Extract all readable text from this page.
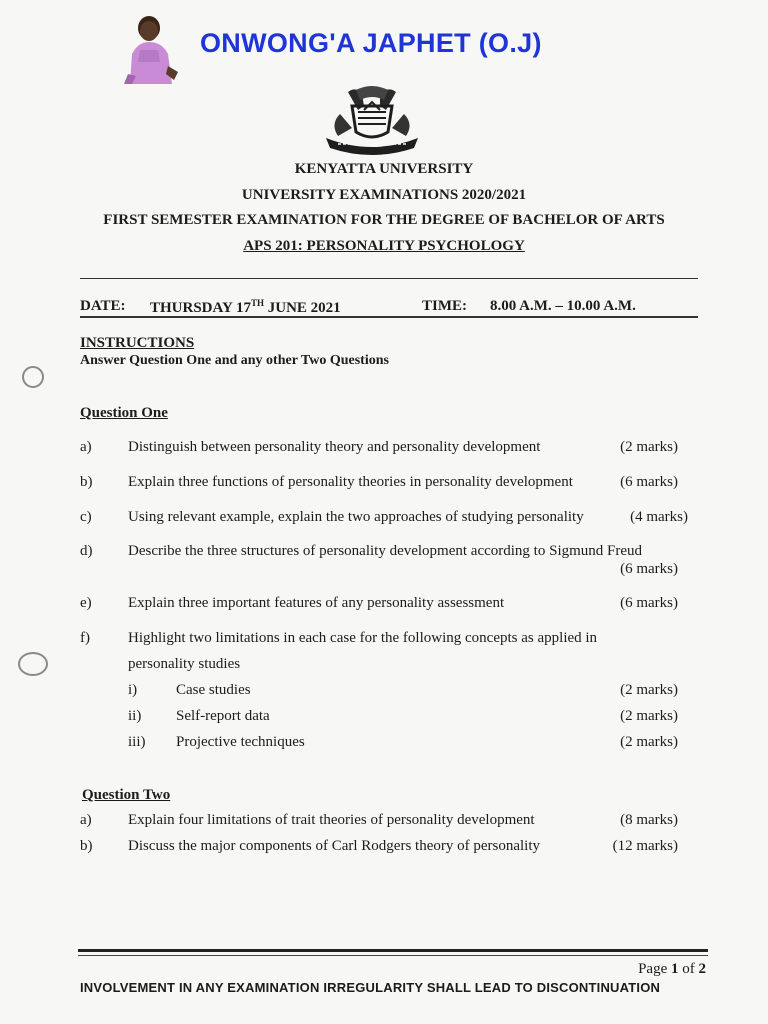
ONWONG'A JAPHET (O.J)
KENYATTA UNIVERSITY
UNIVERSITY EXAMINATIONS 2020/2021
FIRST SEMESTER EXAMINATION FOR THE DEGREE OF BACHELOR OF ARTS
APS 201: PERSONALITY PSYCHOLOGY
DATE: THURSDAY 17TH JUNE 2021	TIME: 8.00 A.M. – 10.00 A.M.
INSTRUCTIONS
Answer Question One and any other Two Questions
Question One
a) Distinguish between personality theory and personality development	(2 marks)
b) Explain three functions of personality theories in personality development	(6 marks)
c) Using relevant example, explain the two approaches of studying personality	(4 marks)
d) Describe the three structures of personality development according to Sigmund Freud
(6 marks)
e) Explain three important features of any personality assessment	(6 marks)
f)	Highlight two limitations in each case for the following concepts as applied in
personality studies
i)	Case studies	(2 marks)
ii) Self-report data	(2 marks)
iii) Projective techniques	(2 marks)
Question Two
a) Explain four limitations of trait theories of personality development	(8 marks)
b) Discuss the major components of Carl Rodgers theory of personality	(12 marks)
Page 1 of 2
INVOLVEMENT IN ANY EXAMINATION IRREGULARITY SHALL LEAD TO DISCONTINUATION
